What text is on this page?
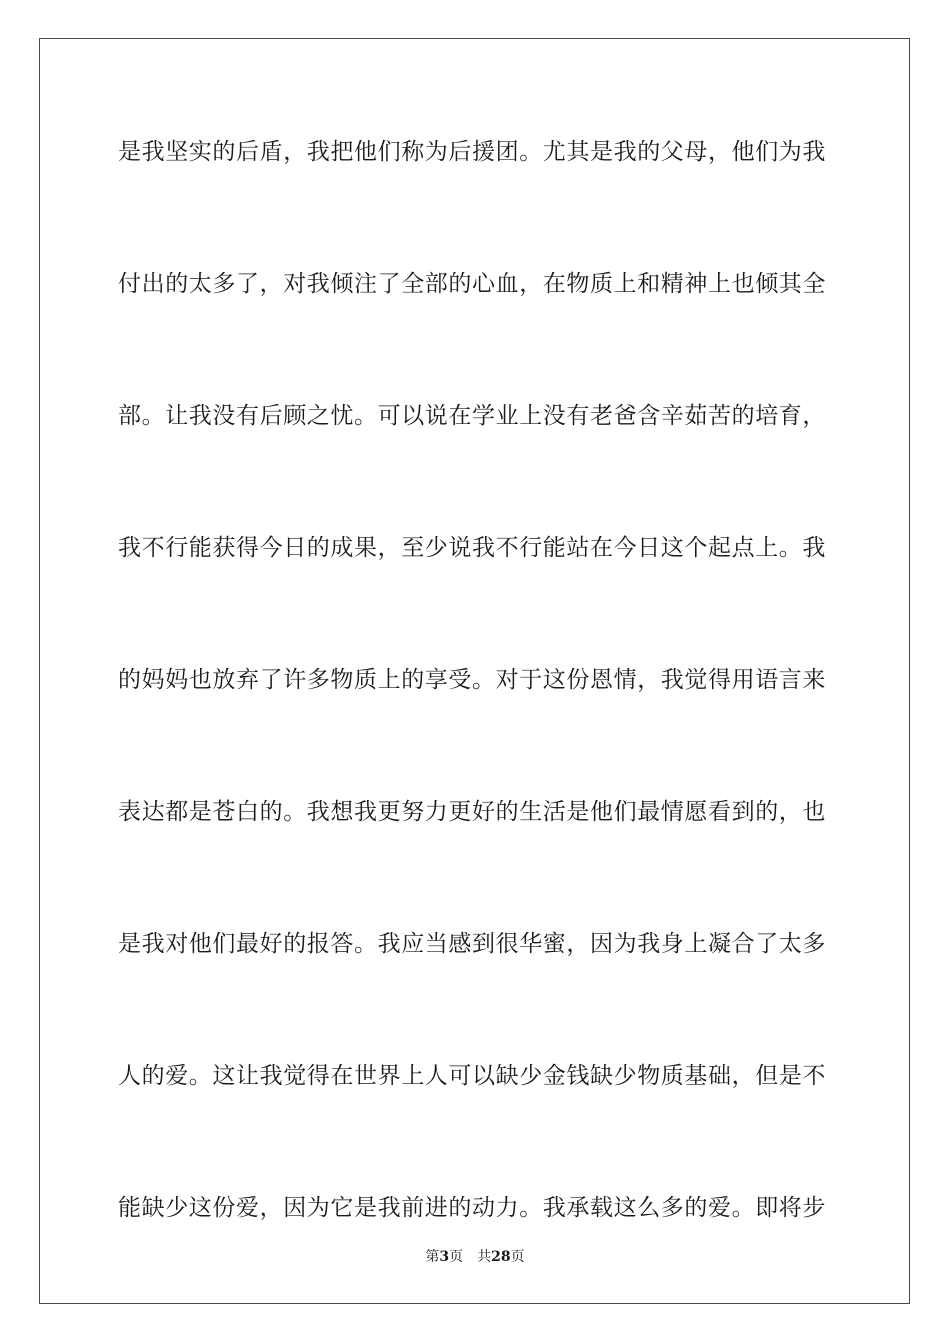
是我坚实的后盾，我把他们称为后援团。尤其是我的父母，他们为我
付出的太多了，对我倾注了全部的心血，在物质上和精神上也倾其全
部。让我没有后顾之忧。可以说在学业上没有老爸含辛茹苦的培育，
我不行能获得今日的成果，至少说我不行能站在今日这个起点上。我
的妈妈也放弃了许多物质上的享受。对于这份恩情，我觉得用语言来
表达都是苍白的。我想我更努力更好的生活是他们最情愿看到的，也
是我对他们最好的报答。我应当感到很华蜜，因为我身上凝合了太多
人的爱。这让我觉得在世界上人可以缺少金钱缺少物质基础，但是不
能缺少这份爱，因为它是我前进的动力。我承载这么多的爱。即将步
第3页 共28页
